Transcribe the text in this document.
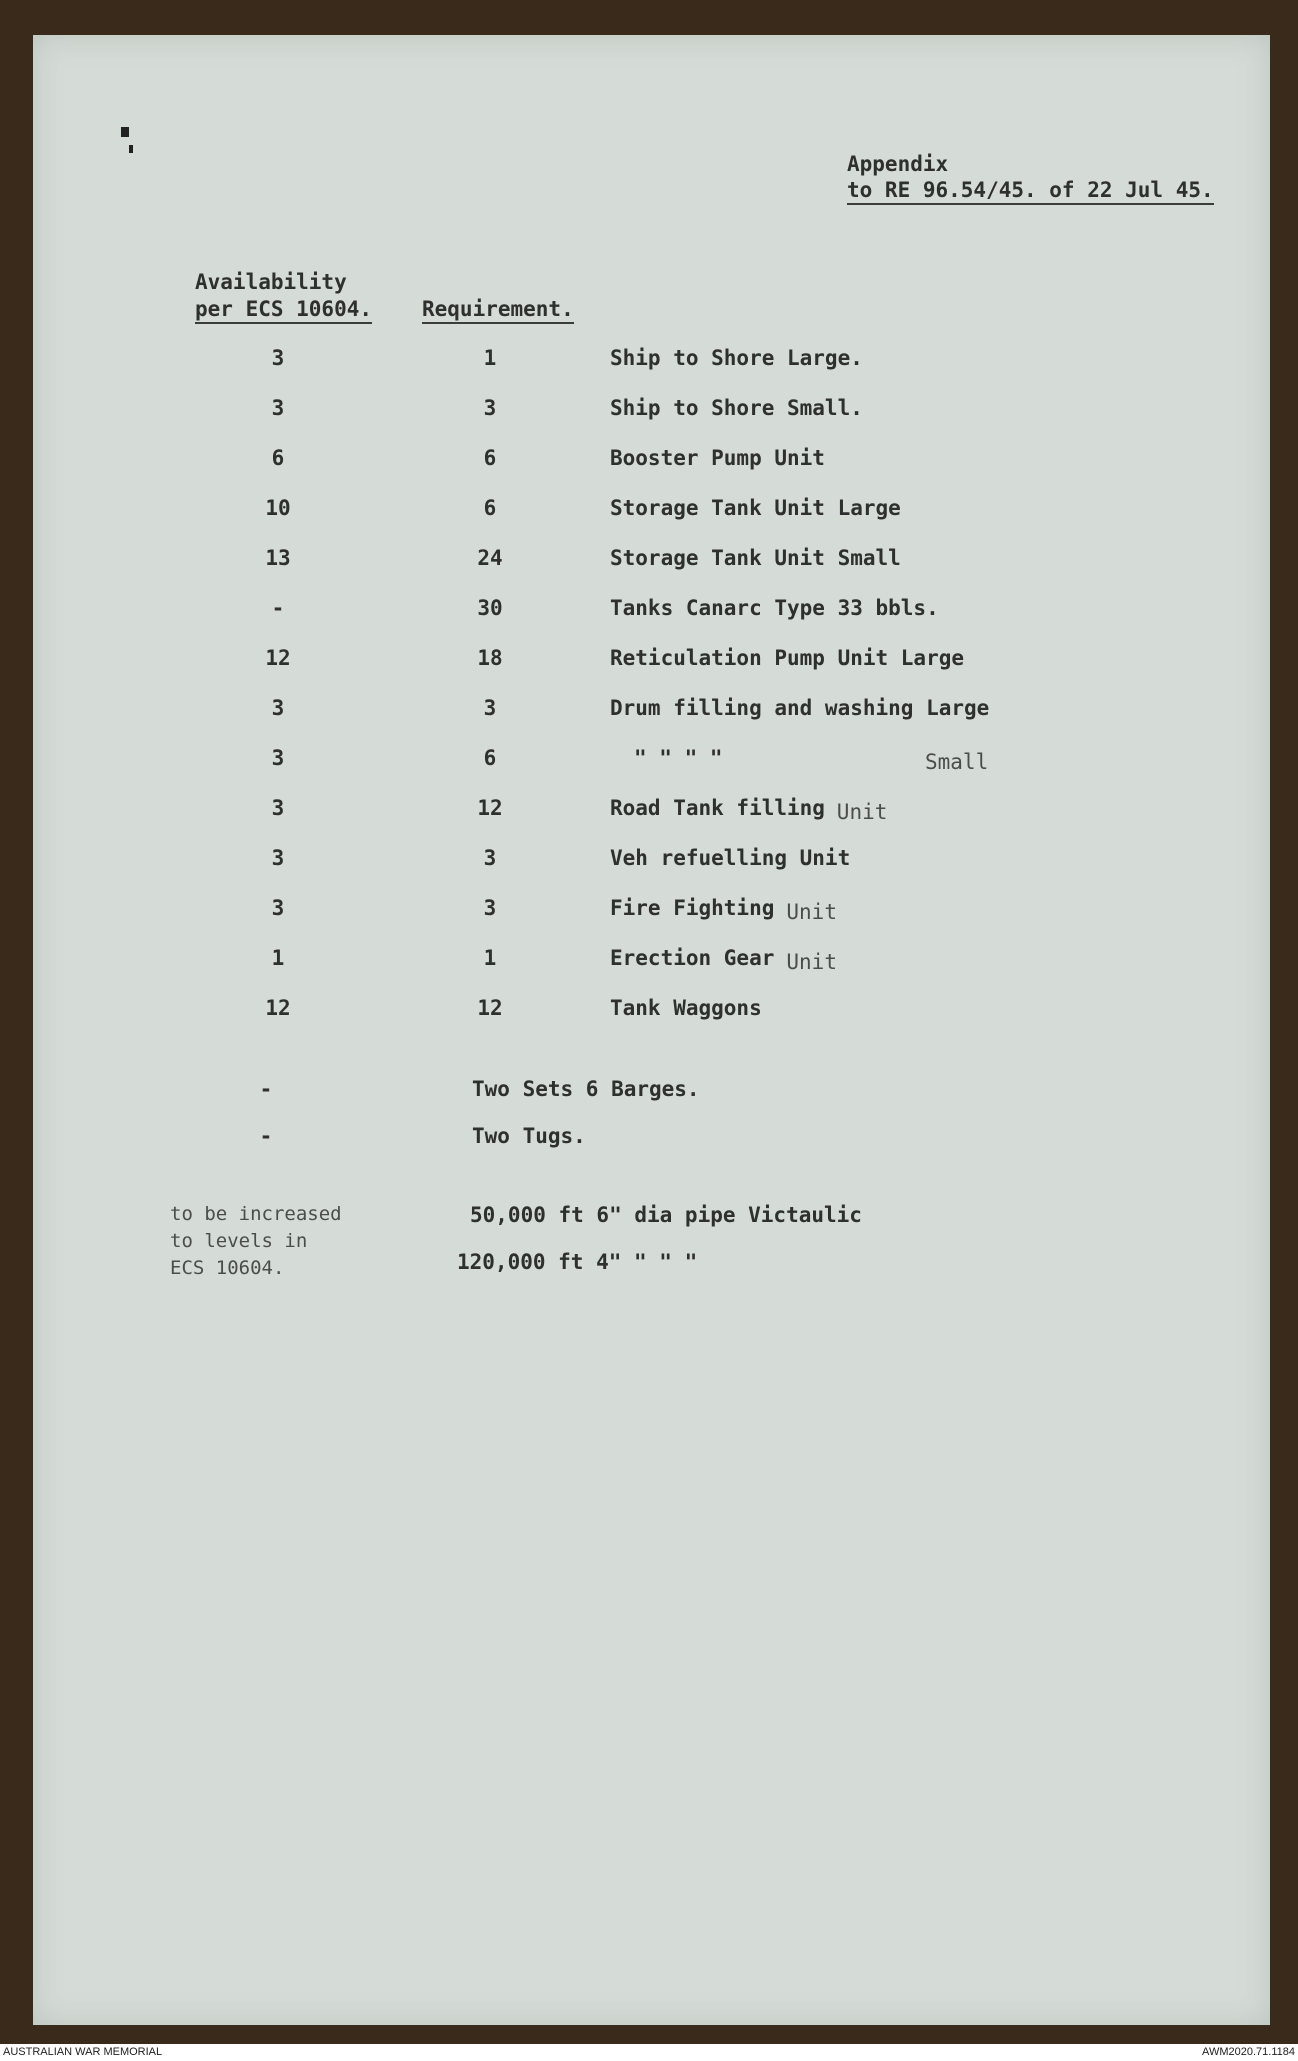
Appendix
to RE 96.54/45. of 22 Jul 45.
Availability
per ECS 10604. Requirement.
3	1	Ship to Shore Large.
3	3	Ship to Shore Small.
6	6	Booster Pump Unit
10	6	Storage Tank Unit Large
13	24	Storage Tank Unit Small
-	30	Tanks Canarc Type 33 bbls.
12	18	Reticulation Pump Unit Large
3	3	Drum filling and washing Large
3	6	" " " "	Small
3	12	Road Tank filling Unit
3	3	Veh refuelling Unit
3	3	Fire Fighting Unit
1	1	Erection Gear Unit
12	12	Tank Waggons
-	Two Sets 6 Barges.
-	Two Tugs.
to be increased
to levels in
ECS 10604.
50,000 ft 6" dia pipe Victaulic
120,000 ft 4" " " "
AUSTRALIAN WAR MEMORIAL	AWM2020.71.1184
